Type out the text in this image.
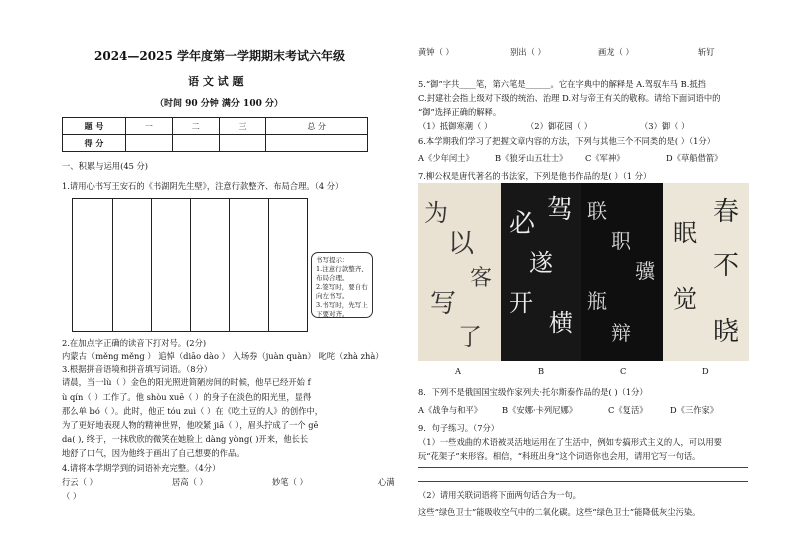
2024—2025 学年度第一学期期末考试六年级
语 文 试 题
（时间 90 分钟 满分 100 分）
题 号	一	二	三	总 分
得 分				
一、积累与运用(45 分)
1.请用心书写王安石的《书湖阴先生壁》，注意行款整齐、布局合理。（4 分）
书写提示：
1.注意行款整齐、布局合理。
2.签写时，要自右向左书写。
3.书写时，先写上下要对齐。
2.在加点字正确的读音下打对号。(2分)
内蒙古（měng měng ） 追悼（diāo dào ） 入场券（juàn quàn） 叱咤（zhà zhà）
3.根据拼音语境和拼音填写词语。（8分）
请晨，当一lù（ ）金色的阳光照进简陋房间的时候，他早已经开始 f
ù qín（ ）工作了。他 shòu xuē（ ）的身子在淡色的阳光里，显得
那么单 bó（ ）。此时，他正 tóu zuì（ ）在《吃土豆的人》的创作中，
为了更好地表现人物的精神世界，他咬紧 jiā（ ），眉头拧成了一个 gē
da( ), 终于，一抹欣欣的微笑在她脸上 dàng yòng( )开来，他长长
地舒了口气，因为他终于画出了自己想要的作品。
4.请将本学期学到的词语补充完整。（4分）
行云（ ）	居高（ ）	妙笔（ ）	心满
（ ）
黄钟（ ）	别出（ ）	画龙（ ）	斩钉
5.“御”字共____笔，第六笔是______。它在字典中的解释是 A.驾驭车马 B.抵挡
C.封建社会指上级对下级的统治、治理 D.对与帝王有关的敬称。请给下面词语中的
“御”选择正确的解释。
（1）抵御寒潮（ ）	（2）御花园（ ）	（3）御（ ）
6.本学期我们学习了把握文章内容的方法，下列与其他三个不同类的是( ）（1分）
A《少年闰土》	B《狼牙山五壮士》 C《军神》	D《草船借箭》
7.柳公权是唐代著名的书法家，下列是他书作品的是( ）（1 分）
为
以
客
写
了
驾
必
遂
开
横
联
职
骥
瓶
辩
春
眠
不
觉
晓
A	B	C	D
8．下列不是俄国国宝级作家列夫·托尔斯泰作品的是( )（1分）
A《战争与和平》 B《安娜·卡列尼娜》	C《复活》	D《三作家》
9．句子练习。（7分）
（1）一些戏曲的术语被灵活地运用在了生活中，例如专搞形式主义的人，可以用要
玩“花架子”来形容。相信，“科班出身”这个词语你也会用，请用它写一句话。
（2）请用关联词语将下面两句话合为一句。
这些“绿色卫士”能吸收空气中的二氧化碳。这些“绿色卫士”能降低灰尘污染。
